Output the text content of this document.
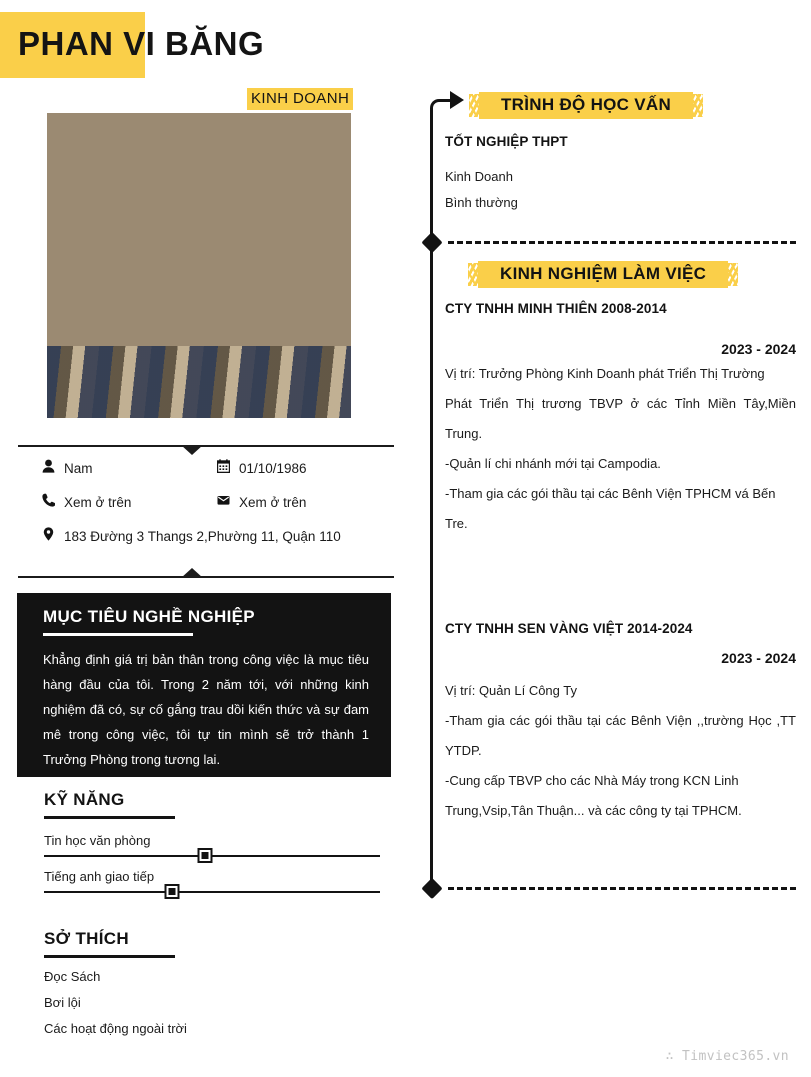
PHAN VI BĂNG
KINH DOANH
Nam	01/10/1986
Xem ở trên	Xem ở trên
183 Đường 3 Thangs 2,Phường 11, Quận 110
MỤC TIÊU NGHỀ NGHIỆP
Khẳng định giá trị bản thân trong công việc là mục tiêu hàng đầu của tôi. Trong 2 năm tới, với những kinh nghiệm đã có, sự cố gắng trau dồi kiến thức và sự đam mê trong công việc, tôi tự tin mình sẽ trở thành 1 Trưởng Phòng trong tương lai.
KỸ NĂNG
Tin học văn phòng
Tiếng anh giao tiếp
SỞ THÍCH
Đọc Sách
Bơi lội
Các hoạt động ngoài trời
TRÌNH ĐỘ HỌC VẤN
TỐT NGHIỆP THPT
Kinh Doanh
Bình thường
KINH NGHIỆM LÀM VIỆC
CTY TNHH MINH THIÊN 2008-2014
2023 - 2024

Vị trí: Trưởng Phòng Kinh Doanh phát Triển Thị Trường

Phát Triển Thị trương TBVP ở các Tỉnh Miền Tây,Miền Trung.

-Quản lí chi nhánh mới tại Campodia.

-Tham gia các gói thầu tại các Bênh Viện TPHCM vá Bến Tre.

CTY TNHH SEN VÀNG VIỆT 2014-2024
2023 - 2024

Vị trí: Quản Lí Công Ty

-Tham gia các gói thầu tại các Bênh Viện ,,trường Học ,TT YTDP.

-Cung cấp TBVP cho các Nhà Máy trong KCN Linh Trung,Vsip,Tân Thuận... và các công ty tại TPHCM.

∴ Timviec365.vn
